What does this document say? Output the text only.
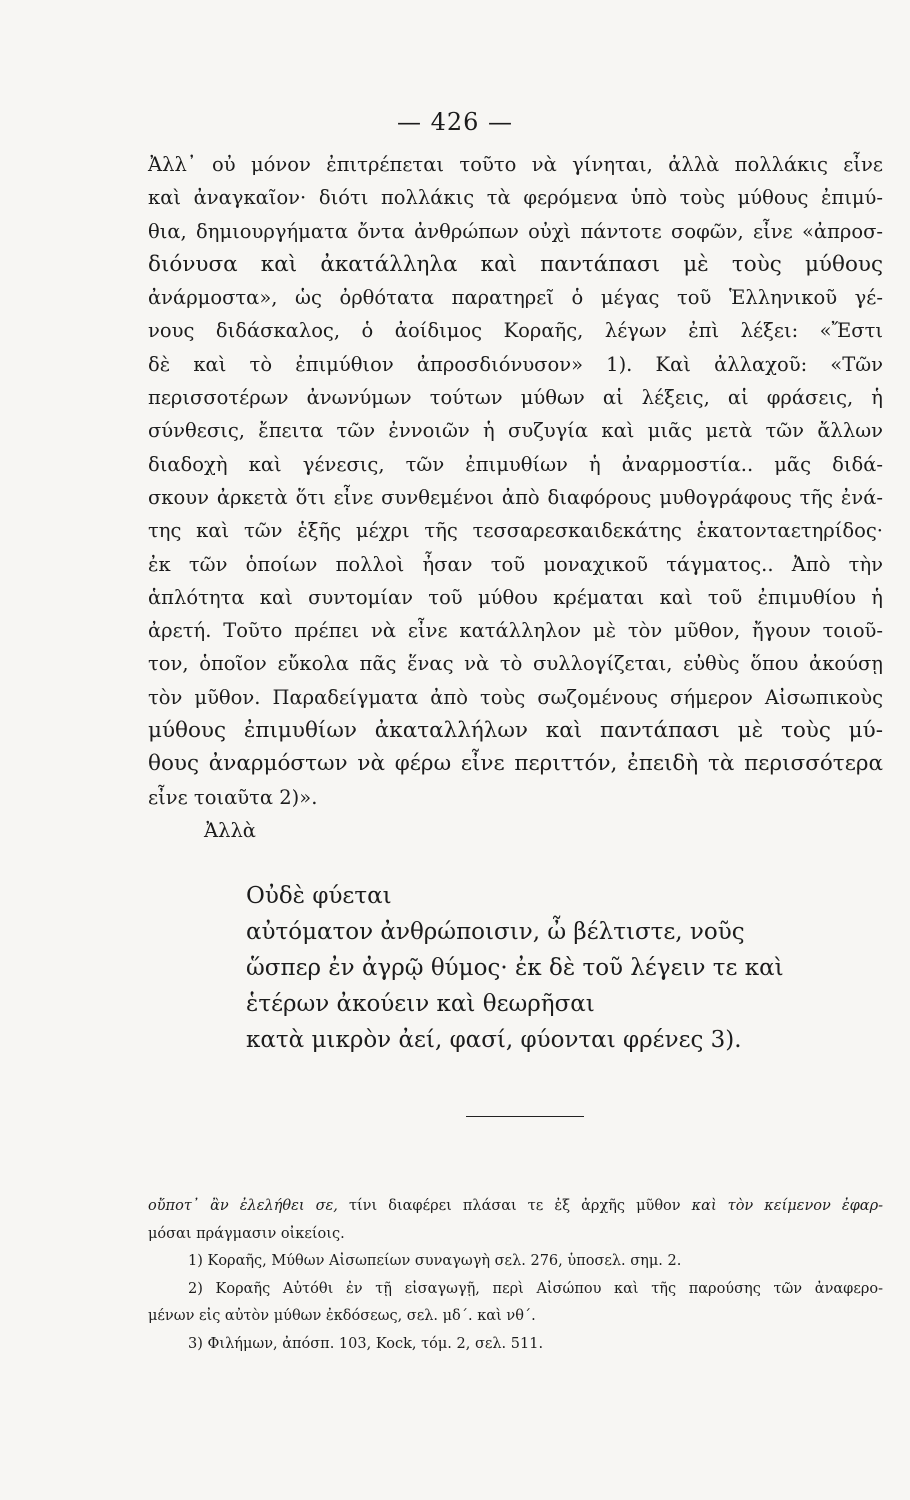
— 426 —
Ἀλλ᾽ οὐ μόνον ἐπιτρέπεται τοῦτο νὰ γίνηται, ἀλλὰ πολλάκις εἶνε
καὶ ἀναγκαῖον· διότι πολλάκις τὰ φερόμενα ὑπὸ τοὺς μύθους ἐπιμύ-
θια, δημιουργήματα ὄντα ἀνθρώπων οὐχὶ πάντοτε σοφῶν, εἶνε «ἀπροσ-
διόνυσα καὶ ἀκατάλληλα καὶ παντάπασι μὲ τοὺς μύθους
ἀνάρμοστα», ὡς ὀρθότατα παρατηρεῖ ὁ μέγας τοῦ Ἑλληνικοῦ γέ-
νους διδάσκαλος, ὁ ἀοίδιμος Κοραῆς, λέγων ἐπὶ λέξει: «Ἔστι
δὲ καὶ τὸ ἐπιμύθιον ἀπροσδιόνυσον» 1). Καὶ ἀλλαχοῦ: «Τῶν
περισσοτέρων ἀνωνύμων τούτων μύθων αἱ λέξεις, αἱ φράσεις, ἡ
σύνθεσις, ἔπειτα τῶν ἐννοιῶν ἡ συζυγία καὶ μιᾶς μετὰ τῶν ἄλλων
διαδοχὴ καὶ γένεσις, τῶν ἐπιμυθίων ἡ ἀναρμοστία.. μᾶς διδά-
σκουν ἀρκετὰ ὅτι εἶνε συνθεμένοι ἀπὸ διαφόρους μυθογράφους τῆς ἐνά-
της καὶ τῶν ἑξῆς μέχρι τῆς τεσσαρεσκαιδεκάτης ἑκατονταετηρίδος·
ἐκ τῶν ὁποίων πολλοὶ ἦσαν τοῦ μοναχικοῦ τάγματος.. Ἀπὸ τὴν
ἁπλότητα καὶ συντομίαν τοῦ μύθου κρέμαται καὶ τοῦ ἐπιμυθίου ἡ
ἀρετή. Τοῦτο πρέπει νὰ εἶνε κατάλληλον μὲ τὸν μῦθον, ἤγουν τοιοῦ-
τον, ὁποῖον εὔκολα πᾶς ἕνας νὰ τὸ συλλογίζεται, εὐθὺς ὅπου ἀκούσῃ
τὸν μῦθον. Παραδείγματα ἀπὸ τοὺς σωζομένους σήμερον Αἰσωπικοὺς
μύθους ἐπιμυθίων ἀκαταλλήλων καὶ παντάπασι μὲ τοὺς μύ-
θους ἀναρμόστων νὰ φέρω εἶνε περιττόν, ἐπειδὴ τὰ περισσότερα
εἶνε τοιαῦτα 2)».
Ἀλλὰ
Οὐδὲ φύεται
αὐτόματον ἀνθρώποισιν, ὦ βέλτιστε, νοῦς
ὥσπερ ἐν ἀγρῷ θύμος· ἐκ δὲ τοῦ λέγειν τε καὶ
ἑτέρων ἀκούειν καὶ θεωρῆσαι
κατὰ μικρὸν ἀεί, φασί, φύονται φρένες 3).
οὔποτ᾽ ἂν ἐλελήθει σε, τίνι διαφέρει πλάσαι τε ἐξ ἀρχῆς μῦθον καὶ τὸν κείμενον ἐφαρ-
μόσαι πράγμασιν οἰκείοις.
1) Κοραῆς, Μύθων Αἰσωπείων συναγωγὴ σελ. 276, ὑποσελ. σημ. 2.
2) Κοραῆς Αὐτόθι ἐν τῇ εἰσαγωγῇ, περὶ Αἰσώπου καὶ τῆς παρούσης τῶν ἀναφερο-
μένων εἰς αὐτὸν μύθων ἐκδόσεως, σελ. μδ΄. καὶ νθ΄.
3) Φιλήμων, ἀπόσπ. 103, Kock, τόμ. 2, σελ. 511.
